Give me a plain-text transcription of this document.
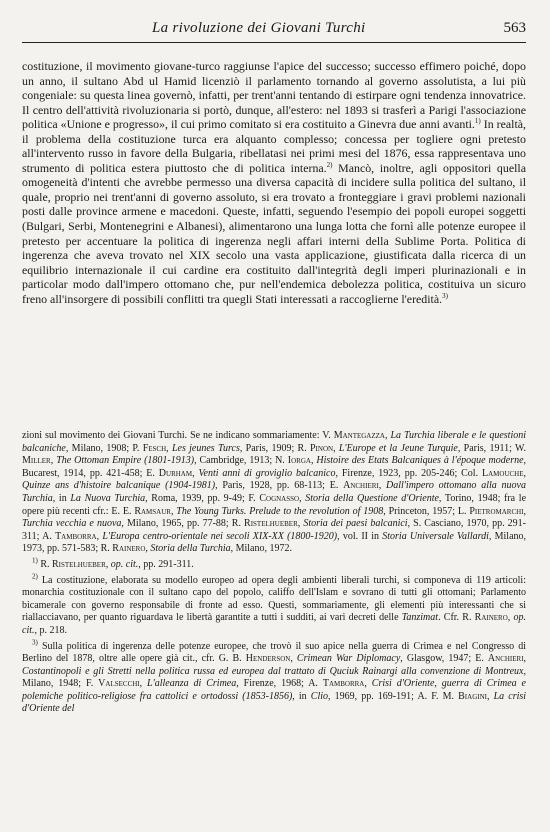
La rivoluzione dei Giovani Turchi	563

costituzione, il movimento giovane-turco raggiunse l'apice del successo; successo effimero poiché, dopo un anno, il sultano Abd ul Hamid licenziò il parlamento tornando al governo assolutista, a lui più congeniale: su questa linea governò, infatti, per trent'anni tentando di estirpare ogni tendenza innovatrice. Il centro dell'attività rivoluzionaria si portò, dunque, all'estero: nel 1893 si trasferì a Parigi l'associazione politica «Unione e progresso», il cui primo comitato si era costituito a Ginevra due anni avanti.$^{1)}$ In realtà, il problema della costituzione turca era alquanto complesso; concessa per togliere ogni pretesto all'intervento russo in favore della Bulgaria, ribellatasi nei primi mesi del 1876, essa rappresentava uno strumento di politica estera piuttosto che di politica interna.$^{2)}$ Mancò, inoltre, agli oppositori quella omogeneità d'intenti che avrebbe permesso una diversa capacità di incidere sulla politica del sultano, il quale, proprio nei trent'anni di governo assoluto, si era trovato a fronteggiare i gravi problemi nazionali posti dalle province armene e macedoni. Queste, infatti, seguendo l'esempio dei popoli europei soggetti (Bulgari, Serbi, Montenegrini e Albanesi), alimentarono una lunga lotta che fornì alle potenze europee il pretesto per accentuare la politica di ingerenza negli affari interni della Sublime Porta. Politica di ingerenza che aveva trovato nel XIX secolo una vasta applicazione, giustificata dalla ricerca di un equilibrio internazionale il cui cardine era costituito dall'integrità degli imperi plurinazionali e in particolar modo dall'impero ottomano che, pur nell'endemica debolezza politica, costituiva un sicuro freno all'insorgere di possibili conflitti tra quegli Stati interessati a raccoglierne l'eredità.$^{3)}$

zioni sul movimento dei Giovani Turchi. Se ne indicano sommariamente: V. Mantegazza, La Turchia liberale e le questioni balcaniche, Milano, 1908; P. Fesch, Les jeunes Turcs, Paris, 1909; R. Pinon, L'Europe et la Jeune Turquie, Paris, 1911; W. Miller, The Ottoman Empire (1801-1913), Cambridge, 1913; N. Iorga, Histoire des Etats Balcaniques à l'époque moderne, Bucarest, 1914, pp. 421-458; E. Durham, Venti anni di groviglio balcanico, Firenze, 1923, pp. 205-246; Col. Lamouche, Quinze ans d'histoire balcanique (1904-1981), Paris, 1928, pp. 68-113; E. Anchieri, Dall'impero ottomano alla nuova Turchia, in La Nuova Turchia, Roma, 1939, pp. 9-49; F. Cognasso, Storia della Questione d'Oriente, Torino, 1948; fra le opere più recenti cfr.: E. E. Ramsaur, The Young Turks. Prelude to the revolution of 1908, Princeton, 1957; L. Pietromarchi, Turchia vecchia e nuova, Milano, 1965, pp. 77-88; R. Ristelhueber, Storia dei paesi balcanici, S. Casciano, 1970, pp. 291-311; A. Tamborra, L'Europa centro-orientale nei secoli XIX-XX (1800-1920), vol. II in Storia Universale Vallardi, Milano, 1973, pp. 571-583; R. Rainero, Storia della Turchia, Milano, 1972.

$^{1)}$ R. Ristelhueber, op. cit., pp. 291-311.

$^{2)}$ La costituzione, elaborata su modello europeo ad opera degli ambienti liberali turchi, si componeva di 119 articoli: monarchia costituzionale con il sultano capo del popolo, califfo dell'Islam e sovrano di tutti gli ottomani; Parlamento bicamerale con governo responsabile di fronte ad esso. Questi, sommariamente, gli elementi più interessanti che si riallacciavano, per quanto riguardava le libertà garantite a tutti i sudditi, ai vari decreti delle Tanzimat. Cfr. R. Rainero, op. cit., p. 218.

$^{3)}$ Sulla politica di ingerenza delle potenze europee, che trovò il suo apice nella guerra di Crimea e nel Congresso di Berlino del 1878, oltre alle opere già cit., cfr. G. B. Henderson, Crimean War Diplomacy, Glasgow, 1947; E. Anchieri, Costantinopoli e gli Stretti nella politica russa ed europea dal trattato di Quciuk Rainargi alla convenzione di Montreux, Milano, 1948; F. Valsecchi, L'alleanza di Crimea, Firenze, 1968; A. Tamborra, Crisi d'Oriente, guerra di Crimea e polemiche politico-religiose fra cattolici e ortodossi (1853-1856), in Clio, 1969, pp. 169-191; A. F. M. Biagini, La crisi d'Oriente del
